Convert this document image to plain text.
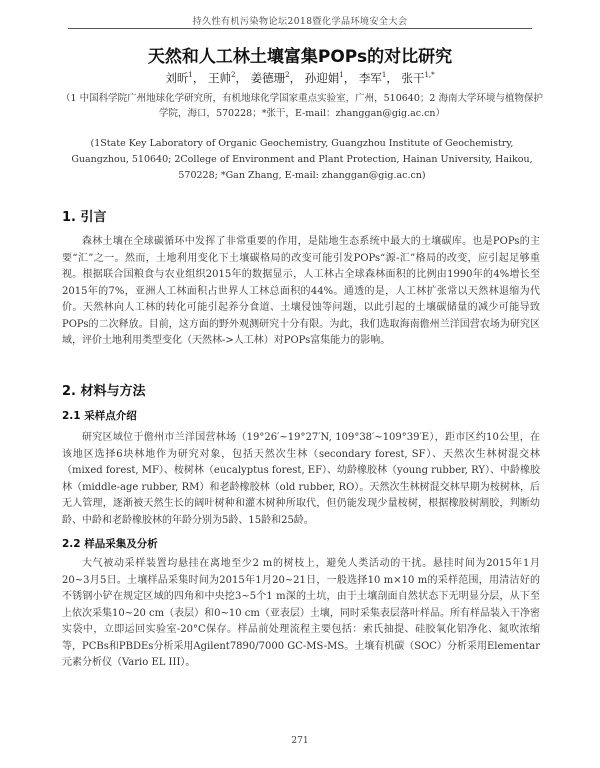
持久性有机污染物论坛2018暨化学品环境安全大会
天然和人工林土壤富集POPs的对比研究
刘昕$^1$， 王帅$^2$， 姜德珊$^2$， 孙迎娟$^1$， 李军$^1$， 张干$^{1,*}$
（1 中国科学院广州地球化学研究所，有机地球化学国家重点实验室，广州，510640；2 海南大学环境与植物保护学院，海口，570228；*张干，E-mail：zhanggan@gig.ac.cn）
(1State Key Laboratory of Organic Geochemistry, Guangzhou Institute of Geochemistry, Guangzhou, 510640; 2College of Environment and Plant Protection, Hainan University, Haikou, 570228; *Gan Zhang, E-mail: zhanggan@gig.ac.cn)
1. 引言
森林土壤在全球碳循环中发挥了非常重要的作用，是陆地生态系统中最大的土壤碳库。也是POPs的主要“汇”之一。然而，土地利用变化下土壤碳格局的改变可能引发POPs“源-汇”格局的改变，应引起足够重视。根据联合国粮食与农业组织2015年的数据显示，人工林占全球森林面积的比例由1990年的4%增长至2015年的7%，亚洲人工林面积占世界人工林总面积的44%。通透的是，人工林扩张常以天然林退缩为代价。天然林向人工林的转化可能引起养分食道、土壤侵蚀等问题，以此引起的土壤碳储量的减少可能导致POPs的二次释放。目前，这方面的野外观测研究十分有限。为此，我们选取海南儋州兰洋国营农场为研究区域，评价土地利用类型变化（天然林->人工林）对POPs富集能力的影响。
2. 材料与方法
2.1 采样点介绍
研究区域位于儋州市兰洋国营林场（19°26′~19°27′N, 109°38′~109°39′E），距市区约10公里，在该地区选择6块林地作为研究对象，包括天然次生林（secondary forest, SF）、天然次生林树混交林（mixed forest, MF）、桉树林（eucalyptus forest, EF）、幼龄橡胶林（young rubber, RY）、中龄橡胶林（middle-age rubber, RM）和老龄橡胶林（old rubber, RO）。天然次生林树混交林早期为桉树林，后无人管理，逐渐被天然生长的阔叶树种和灌木树种所取代，但仍能发现少量桉树，根据橡胶树割胶，判断幼龄、中龄和老龄橡胶林的年龄分别为5龄、15龄和25龄。
2.2 样品采集及分析
大气被动采样装置均悬挂在离地至少2 m的树枝上，避免人类活动的干扰。悬挂时间为2015年1月20~3月5日。土壤样品采集时间为2015年1月20~21日，一般选择10 m×10 m的采样范围，用清洁好的不锈钢小铲在规定区域的四角和中央挖3~5个1 m深的土坑，由于土壤剖面自然状态下无明显分层，从下至上依次采集10~20 cm（表层）和0~10 cm（亚表层）土壤，同时采集表层落叶样品。所有样品装入干净密实袋中，立即运回实验室-20°C保存。样品前处理流程主要包括：索氏抽提、硅胶氧化铝净化、氮吹浓缩等，PCBs和PBDEs分析采用Agilent7890/7000 GC-MS-MS。土壤有机碳（SOC）分析采用Elementar元素分析仪（Vario EL III）。
271
